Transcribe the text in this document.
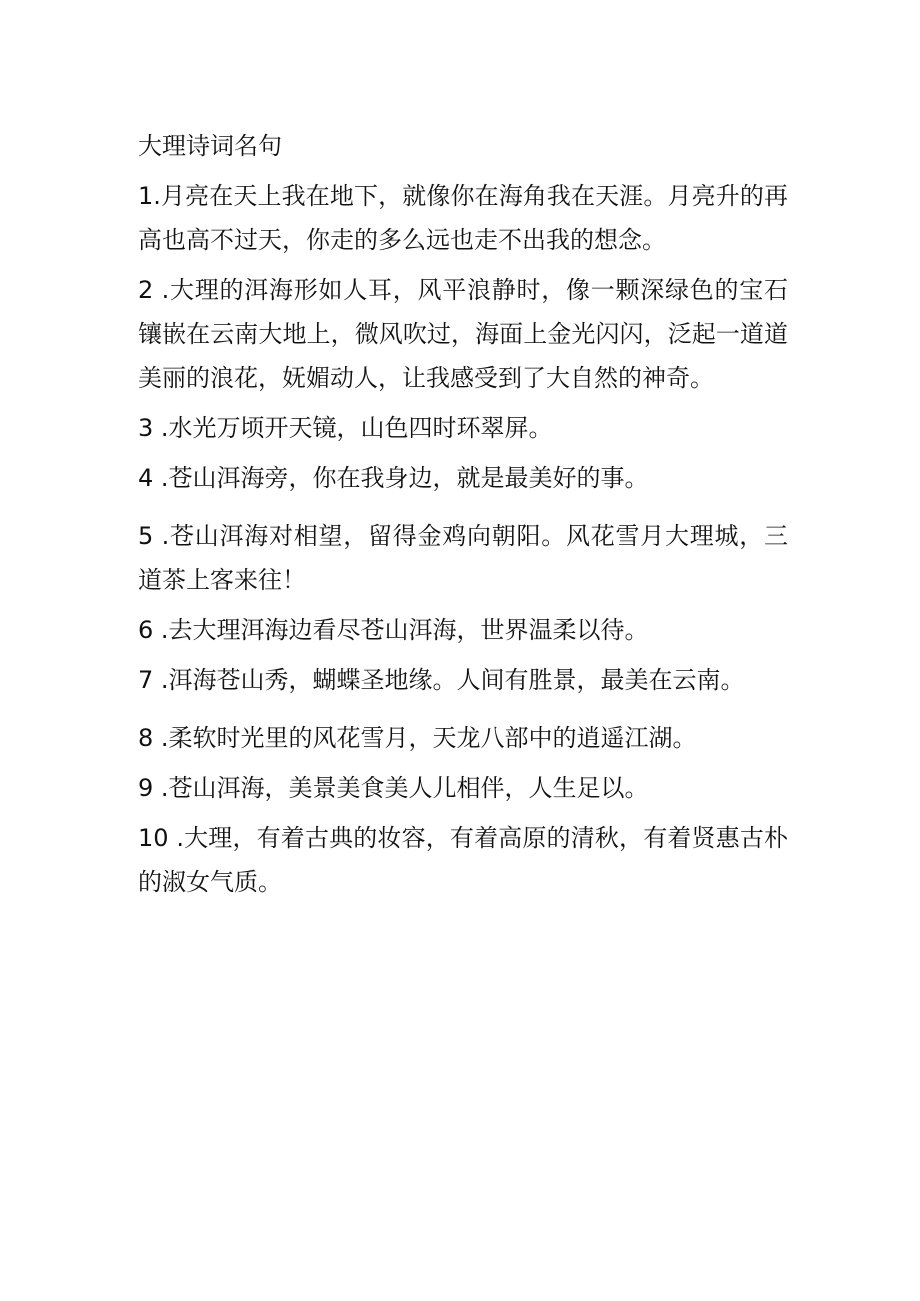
大理诗词名句
1.月亮在天上我在地下，就像你在海角我在天涯。月亮升的再高也高不过天，你走的多么远也走不出我的想念。
2 .大理的洱海形如人耳，风平浪静时，像一颗深绿色的宝石镶嵌在云南大地上，微风吹过，海面上金光闪闪，泛起一道道美丽的浪花，妩媚动人，让我感受到了大自然的神奇。
3 .水光万顷开天镜，山色四时环翠屏。
4 .苍山洱海旁，你在我身边，就是最美好的事。
5 .苍山洱海对相望，留得金鸡向朝阳。风花雪月大理城，三道茶上客来往！
6 .去大理洱海边看尽苍山洱海，世界温柔以待。
7 .洱海苍山秀，蝴蝶圣地缘。人间有胜景，最美在云南。
8 .柔软时光里的风花雪月，天龙八部中的逍遥江湖。
9 .苍山洱海，美景美食美人儿相伴，人生足以。
10 .大理，有着古典的妆容，有着高原的清秋，有着贤惠古朴的淑女气质。
